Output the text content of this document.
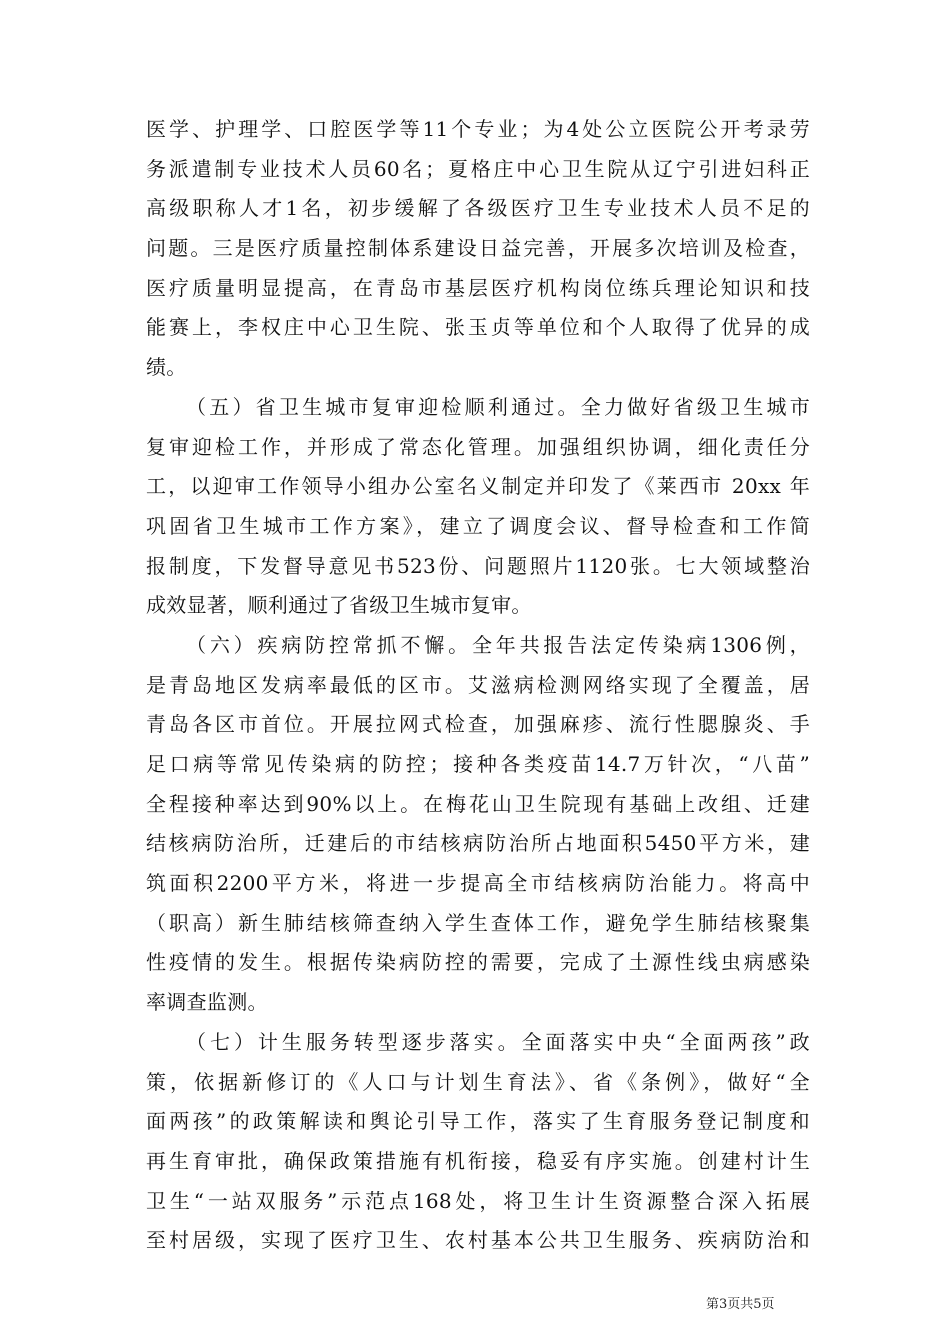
医学、护理学、口腔医学等11个专业；为4处公立医院公开考录劳
务派遣制专业技术人员60名；夏格庄中心卫生院从辽宁引进妇科正
高级职称人才1名，初步缓解了各级医疗卫生专业技术人员不足的
问题。三是医疗质量控制体系建设日益完善，开展多次培训及检查，
医疗质量明显提高，在青岛市基层医疗机构岗位练兵理论知识和技
能赛上，李权庄中心卫生院、张玉贞等单位和个人取得了优异的成
绩。
（五）省卫生城市复审迎检顺利通过。全力做好省级卫生城市
复审迎检工作，并形成了常态化管理。加强组织协调，细化责任分
工，以迎审工作领导小组办公室名义制定并印发了《莱西市 20xx 年
巩固省卫生城市工作方案》，建立了调度会议、督导检查和工作简
报制度，下发督导意见书523份、问题照片1120张。七大领域整治
成效显著，顺利通过了省级卫生城市复审。
（六）疾病防控常抓不懈。全年共报告法定传染病1306例，
是青岛地区发病率最低的区市。艾滋病检测网络实现了全覆盖，居
青岛各区市首位。开展拉网式检查，加强麻疹、流行性腮腺炎、手
足口病等常见传染病的防控；接种各类疫苗14.7万针次，“八苗”
全程接种率达到90%以上。在梅花山卫生院现有基础上改组、迁建
结核病防治所，迁建后的市结核病防治所占地面积5450平方米，建
筑面积2200平方米，将进一步提高全市结核病防治能力。将高中
（职高）新生肺结核筛查纳入学生查体工作，避免学生肺结核聚集
性疫情的发生。根据传染病防控的需要，完成了土源性线虫病感染
率调查监测。
（七）计生服务转型逐步落实。全面落实中央“全面两孩”政
策，依据新修订的《人口与计划生育法》、省《条例》，做好“全
面两孩”的政策解读和舆论引导工作，落实了生育服务登记制度和
再生育审批，确保政策措施有机衔接，稳妥有序实施。创建村计生
卫生“一站双服务”示范点168处，将卫生计生资源整合深入拓展
至村居级，实现了医疗卫生、农村基本公共卫生服务、疾病防治和
第3页共5页
